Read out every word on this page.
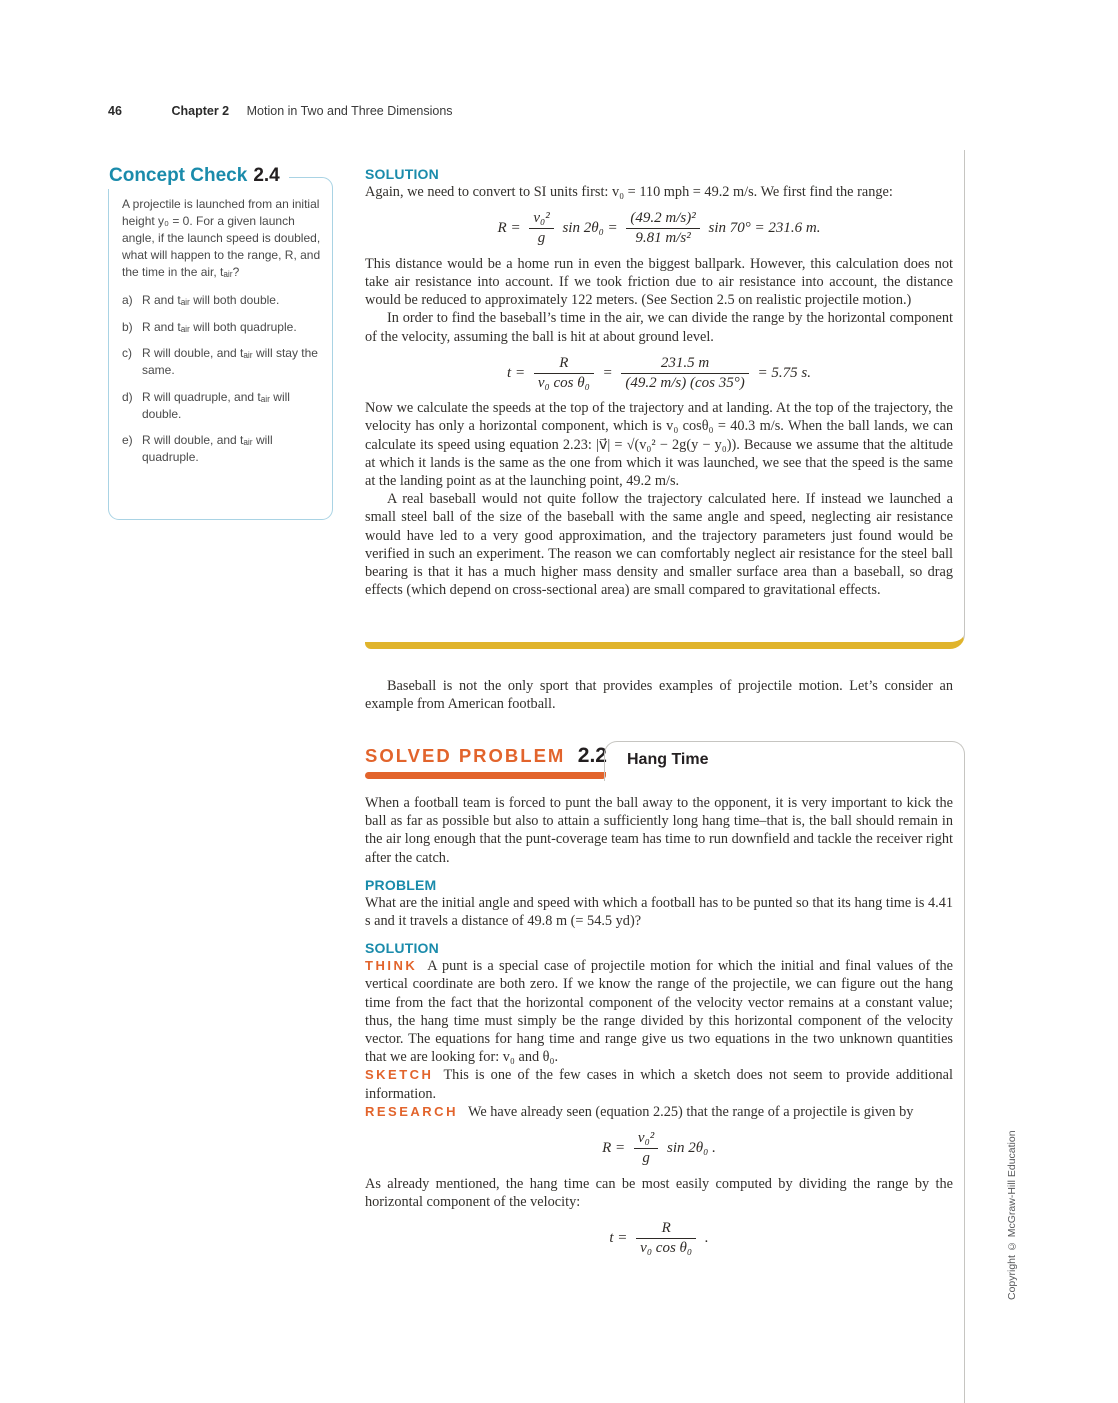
46	Chapter 2 Motion in Two and Three Dimensions
Concept Check 2.4

A projectile is launched from an initial height y₀ = 0. For a given launch angle, if the launch speed is doubled, what will happen to the range, R, and the time in the air, tₐᵢᵣ?

a) R and tₐᵢᵣ will both double.
b) R and tₐᵢᵣ will both quadruple.
c) R will double, and tₐᵢᵣ will stay the same.
d) R will quadruple, and tₐᵢᵣ will double.
e) R will double, and tₐᵢᵣ will quadruple.
SOLUTION

Again, we need to convert to SI units first: v₀ = 110 mph = 49.2 m/s. We first find the range:

$R = \frac{\text{v₀²}}{g}$ $\sin 2\theta_0 = \frac{\text{(49.2 m/s)²}}{\text{9.81 m/s²}}$ sin 70° = 231.6 m.

This distance would be a home run in even the biggest ballpark. However, this calculation does not take air resistance into account. If we took friction due to air resistance into account, the distance would be reduced to approximately 122 meters. (See Section 2.5 on realistic projectile motion.)

In order to find the baseball’s time in the air, we can divide the range by the horizontal component of the velocity, assuming the ball is hit at about ground level.

$t = \frac{R}{\text{v₀ cos θ₀}} = \frac{231.5 m}{(49.2 m/s) (\cos 35^\circ)} = 5.75$ s.

Now we calculate the speeds at the top of the trajectory and at landing. At the top of the trajectory, the velocity has only a horizontal component, which is v₀ cosθ₀ = 40.3 m/s. When the ball lands, we can calculate its speed using equation 2.23: |v⃗| = √(v₀² − 2g(y − y₀)). Because we assume that the altitude at which it lands is the same as the one from which it was launched, we see that the speed is the same at the landing point as at the launching point, 49.2 m/s.

A real baseball would not quite follow the trajectory calculated here. If instead we launched a small steel ball of the size of the baseball with the same angle and speed, neglecting air resistance would have led to a very good approximation, and the trajectory parameters just found would be verified in such an experiment. The reason we can comfortably neglect air resistance for the steel ball bearing is that it has a much higher mass density and smaller surface area than a baseball, so drag effects (which depend on cross-sectional area) are small compared to gravitational effects.

Baseball is not the only sport that provides examples of projectile motion. Let’s consider an example from American football.

SOLVED PROBLEM 2.2	Hang Time

When a football team is forced to punt the ball away to the opponent, it is very important to kick the ball as far as possible but also to attain a sufficiently long hang time–that is, the ball should remain in the air long enough that the punt-coverage team has time to run downfield and tackle the receiver right after the catch.

PROBLEM

What are the initial angle and speed with which a football has to be punted so that its hang time is 4.41 s and it travels a distance of 49.8 m (= 54.5 yd)?

SOLUTION

THINK A punt is a special case of projectile motion for which the initial and final values of the vertical coordinate are both zero. If we know the range of the projectile, we can figure out the hang time from the fact that the horizontal component of the velocity vector remains at a constant value; thus, the hang time must simply be the range divided by this horizontal component of the velocity vector. The equations for hang time and range give us two equations in the two unknown quantities that we are looking for: v₀ and θ₀.

SKETCH This is one of the few cases in which a sketch does not seem to provide additional information.

RESEARCH We have already seen (equation 2.25) that the range of a projectile is given by

$R = \frac{\text{v₀²}}{g}$ sin 2θ₀ .

As already mentioned, the hang time can be most easily computed by dividing the range by the horizontal component of the velocity:

$t = \frac{R}{\text{v₀ cos θ₀}}$ .	Copyright © McGraw-Hill Education
